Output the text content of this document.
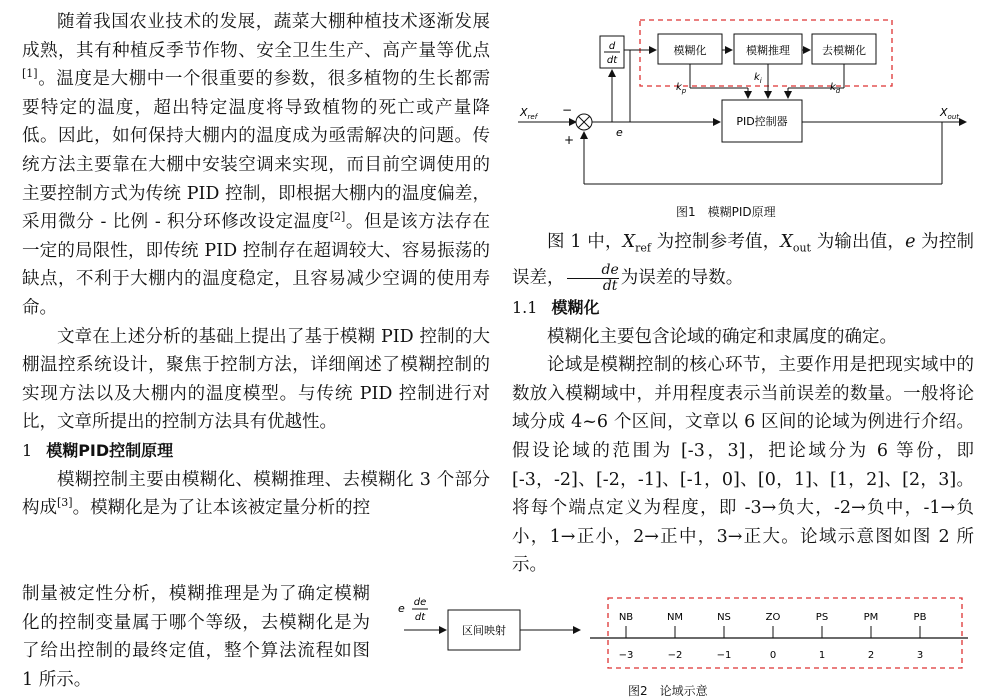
随着我国农业技术的发展，蔬菜大棚种植技术逐渐发展成熟，其有种植反季节作物、安全卫生生产、高产量等优点[1]。温度是大棚中一个很重要的参数，很多植物的生长都需要特定的温度，超出特定温度将导致植物的死亡或产量降低。因此，如何保持大棚内的温度成为亟需解决的问题。传统方法主要靠在大棚中安装空调来实现，而目前空调使用的主要控制方式为传统 PID 控制，即根据大棚内的温度偏差，采用微分 - 比例 - 积分环修改设定温度[2]。但是该方法存在一定的局限性，即传统 PID 控制存在超调较大、容易振荡的缺点，不利于大棚内的温度稳定，且容易减少空调的使用寿命。

文章在上述分析的基础上提出了基于模糊 PID 控制的大棚温控系统设计，聚焦于控制方法，详细阐述了模糊控制的实现方法以及大棚内的温度模型。与传统 PID 控制进行对比，文章所提出的控制方法具有优越性。

1 模糊PID控制原理

模糊控制主要由模糊化、模糊推理、去模糊化 3 个部分构成[3]。模糊化是为了让本该被定量分析的控

制量被定性分析，模糊推理是为了确定模糊化的控制变量属于哪个等级，去模糊化是为了给出控制的最终定值，整个算法流程如图 1 所示。

模糊化	模糊推理	去模糊化
PID控制器
d
dt
$X_{ref}$	$X_{out}$
−
+
e
$k_p$
$k_i$
$k_d$
图1　模糊PID原理

图 1 中，$X_{ref}$ 为控制参考值，$X_{out}$ 为输出值，e 为控制误差， $\frac{de}{dt}$ 为误差的导数。

1.1 模糊化

模糊化主要包含论域的确定和隶属度的确定。

论域是模糊控制的核心环节，主要作用是把现实域中的数放入模糊域中，并用程度表示当前误差的数量。一般将论域分成 4~6 个区间，文章以 6 区间的论域为例进行介绍。假设论域的范围为 [-3，3]，把论域分为 6 等份，即 [-3，-2]、[-2，-1]、[-1，0]、[0，1]、[1，2]、[2，3]。将每个端点定义为程度，即 -3→负大，-2→负中，-1→负小，1→正小，2→正中，3→正大。论域示意图如图 2 所示。

e de
dt
区间映射
NB
−3
NM
−2
NS
−1
ZO
0
PS
1
PM
2
PB
3
图2　论域示意
